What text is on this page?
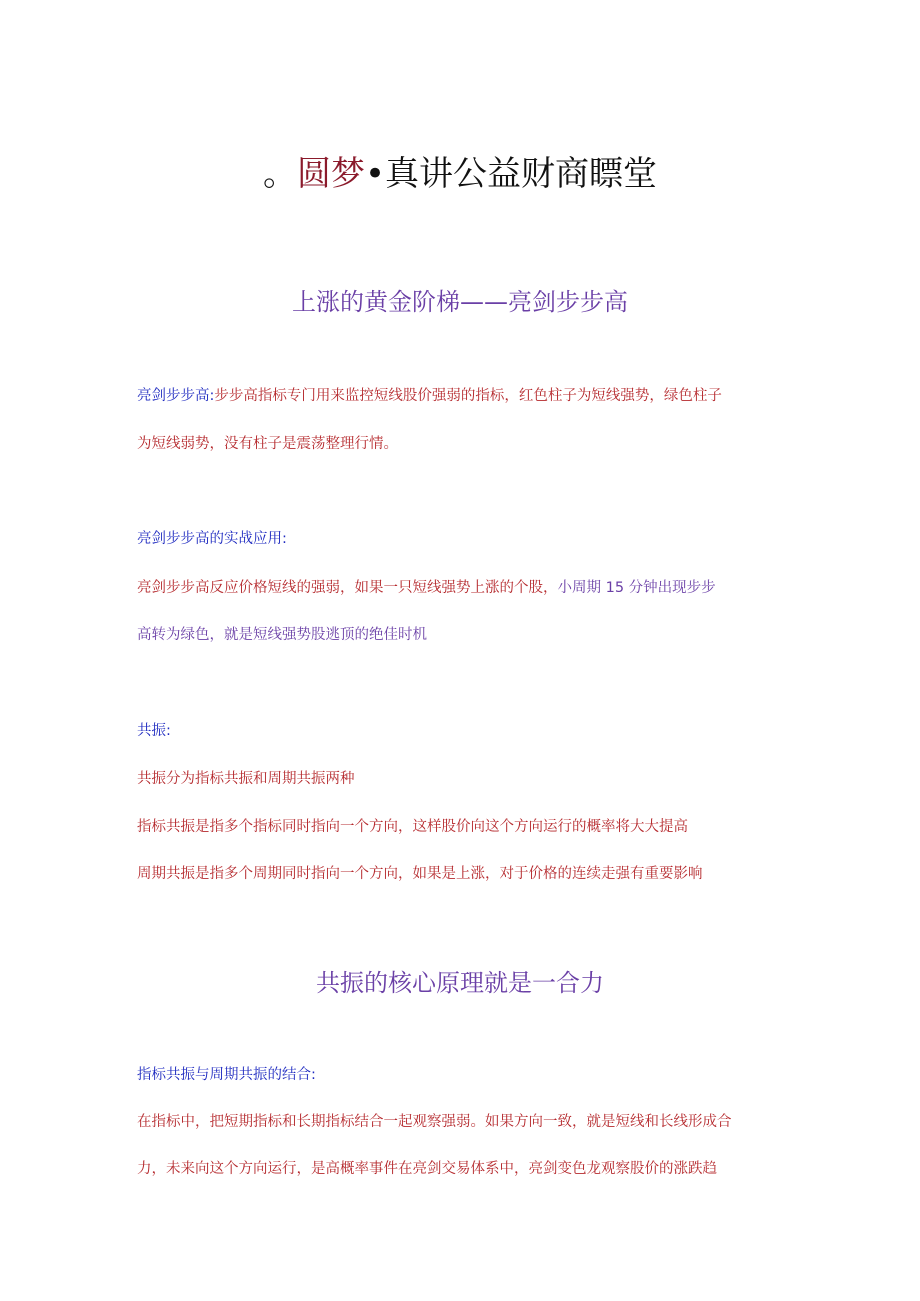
。圆梦•真讲公益财商瞟堂
上涨的黄金阶梯——亮剑步步高
亮剑步步高:步步高指标专门用来监控短线股价强弱的指标，红色柱子为短线强势，绿色柱子
为短线弱势，没有柱子是震荡整理行情。
亮剑步步高的实战应用:
亮剑步步高反应价格短线的强弱，如果一只短线强势上涨的个股，小周期 15 分钟出现步步
高转为绿色，就是短线强势股逃顶的绝佳时机
共振:
共振分为指标共振和周期共振两种
指标共振是指多个指标同时指向一个方向，这样股价向这个方向运行的概率将大大提高
周期共振是指多个周期同时指向一个方向，如果是上涨，对于价格的连续走强有重要影响
共振的核心原理就是一合力
指标共振与周期共振的结合:
在指标中，把短期指标和长期指标结合一起观察强弱。如果方向一致，就是短线和长线形成合
力，未来向这个方向运行，是高概率事件在亮剑交易体系中，亮剑变色龙观察股价的涨跌趋
